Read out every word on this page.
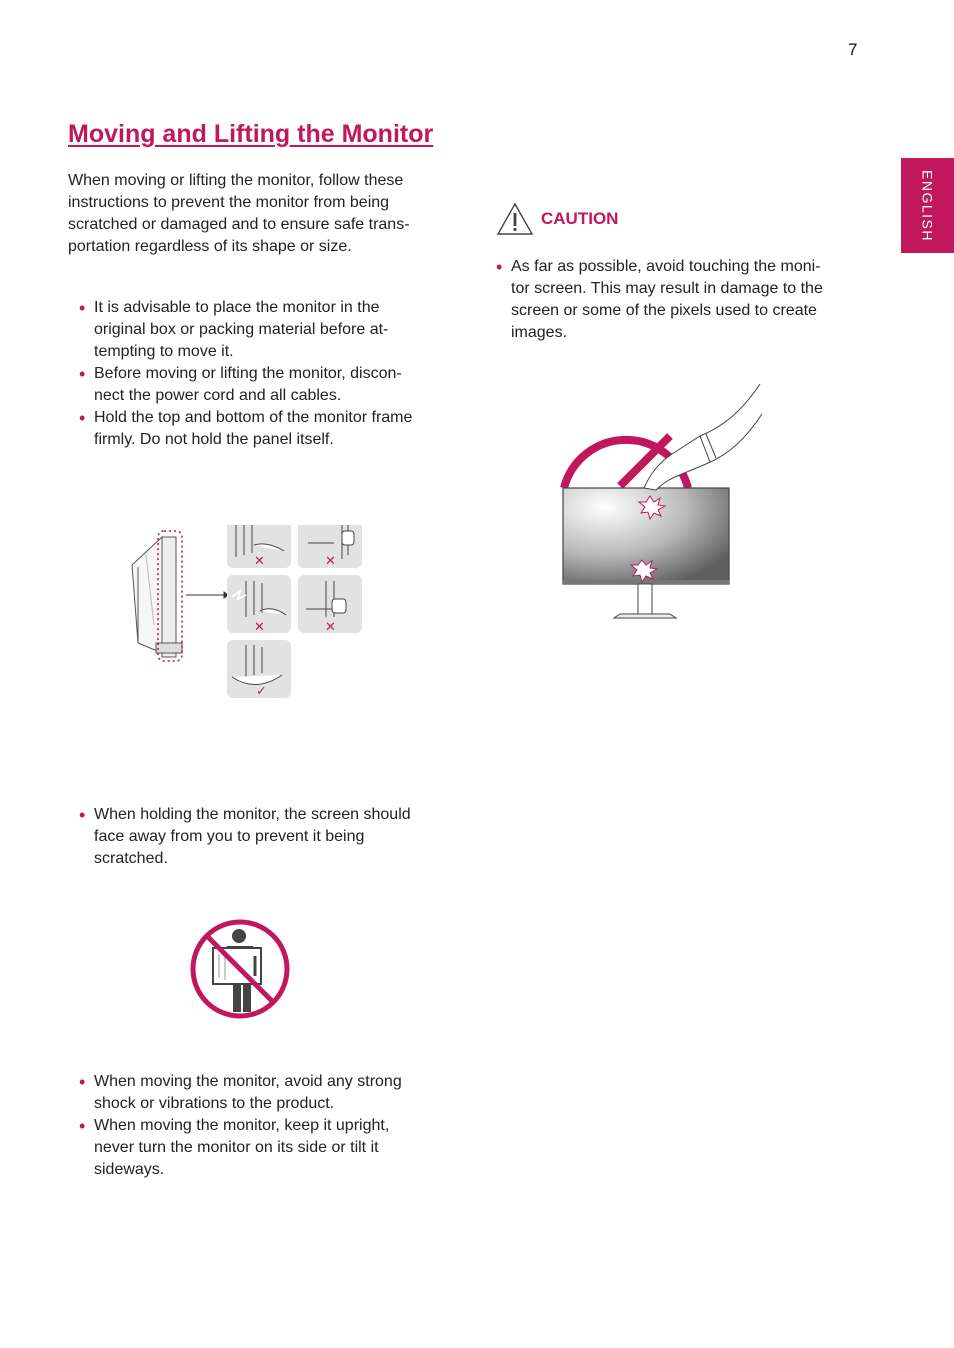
7
ENGLISH
Moving and Lifting the Monitor

When moving or lifting the monitor, follow these
instructions to prevent the monitor from being
scratched or damaged and to ensure safe trans-
portation regardless of its shape or size.

• It is advisable to place the monitor in the
original box or packing material before at-
tempting to move it.
• Before moving or lifting the monitor, discon-
nect the power cord and all cables.
• Hold the top and bottom of the monitor frame
firmly. Do not hold the panel itself.
✕	✕
✕	✕
✓
• When holding the monitor, the screen should
face away from you to prevent it being
scratched.
• When moving the monitor, avoid any strong
shock or vibrations to the product.
• When moving the monitor, keep it upright,
never turn the monitor on its side or tilt it
sideways.
CAUTION
• As far as possible, avoid touching the moni-
tor screen. This may result in damage to the
screen or some of the pixels used to create
images.
